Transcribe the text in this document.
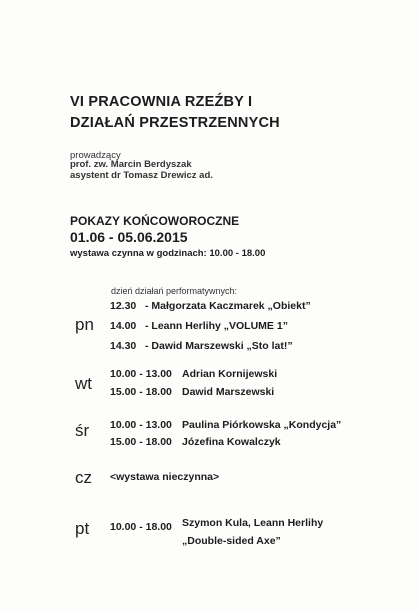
VI PRACOWNIA RZEŹBY I
DZIAŁAŃ PRZESTRZENNYCH
prowadzący
prof. zw. Marcin Berdyszak
asystent dr Tomasz Drewicz ad.
POKAZY KOŃCOWOROCZNE
01.06 - 05.06.2015
wystawa czynna w godzinach: 10.00 - 18.00
dzień działań performatywnych:
pn
12.30 - Małgorzata Kaczmarek „Obiekt”
14.00 - Leann Herlihy „VOLUME 1”
14.30 - Dawid Marszewski „Sto lat!”
wt 10.00 - 13.00 Adrian Kornijewski
15.00 - 18.00 Dawid Marszewski
śr 10.00 - 13.00 Paulina Piórkowska „Kondycja”
15.00 - 18.00 Józefina Kowalczyk
cz <wystawa nieczynna>
pt 10.00 - 18.00 Szymon Kula, Leann Herlihy
„Double-sided Axe”
